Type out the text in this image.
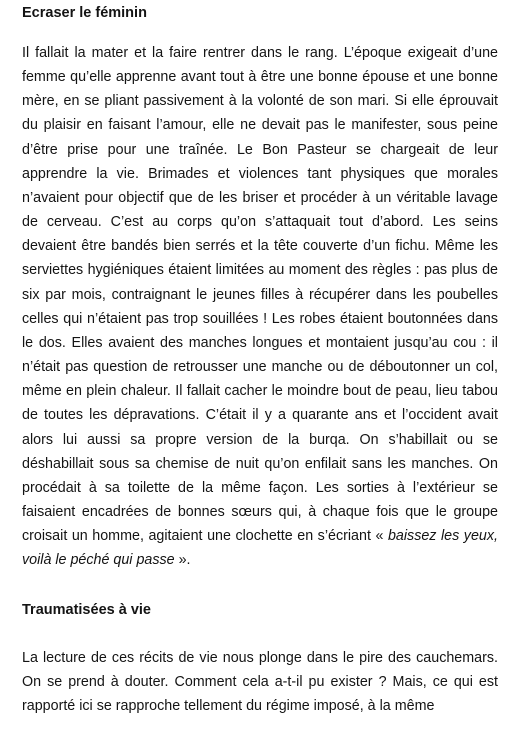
Ecraser le féminin

Il fallait la mater et la faire rentrer dans le rang. L’époque exigeait d’une femme qu’elle apprenne avant tout à être une bonne épouse et une bonne mère, en se pliant passivement à la volonté de son mari. Si elle éprouvait du plaisir en faisant l’amour, elle ne devait pas le manifester, sous peine d’être prise pour une traînée. Le Bon Pasteur se chargeait de leur apprendre la vie. Brimades et violences tant physiques que morales n’avaient pour objectif que de les briser et procéder à un véritable lavage de cerveau. C’est au corps qu’on s’attaquait tout d’abord. Les seins devaient être bandés bien serrés et la tête couverte d’un fichu. Même les serviettes hygiéniques étaient limitées au moment des règles : pas plus de six par mois, contraignant le jeunes filles à récupérer dans les poubelles celles qui n’étaient pas trop souillées ! Les robes étaient boutonnées dans le dos. Elles avaient des manches longues et montaient jusqu’au cou : il n’était pas question de retrousser une manche ou de déboutonner un col, même en plein chaleur. Il fallait cacher le moindre bout de peau, lieu tabou de toutes les dépravations. C’était il y a quarante ans et l’occident avait alors lui aussi sa propre version de la burqa. On s’habillait ou se déshabillait sous sa chemise de nuit qu’on enfilait sans les manches. On procédait à sa toilette de la même façon. Les sorties à l’extérieur se faisaient encadrées de bonnes sœurs qui, à chaque fois que le groupe croisait un homme, agitaient une clochette en s’écriant « baissez les yeux, voilà le péché qui passe ».

Traumatisées à vie

La lecture de ces récits de vie nous plonge dans le pire des cauchemars. On se prend à douter. Comment cela a-t-il pu exister ? Mais, ce qui est rapporté ici se rapproche tellement du régime imposé, à la même
